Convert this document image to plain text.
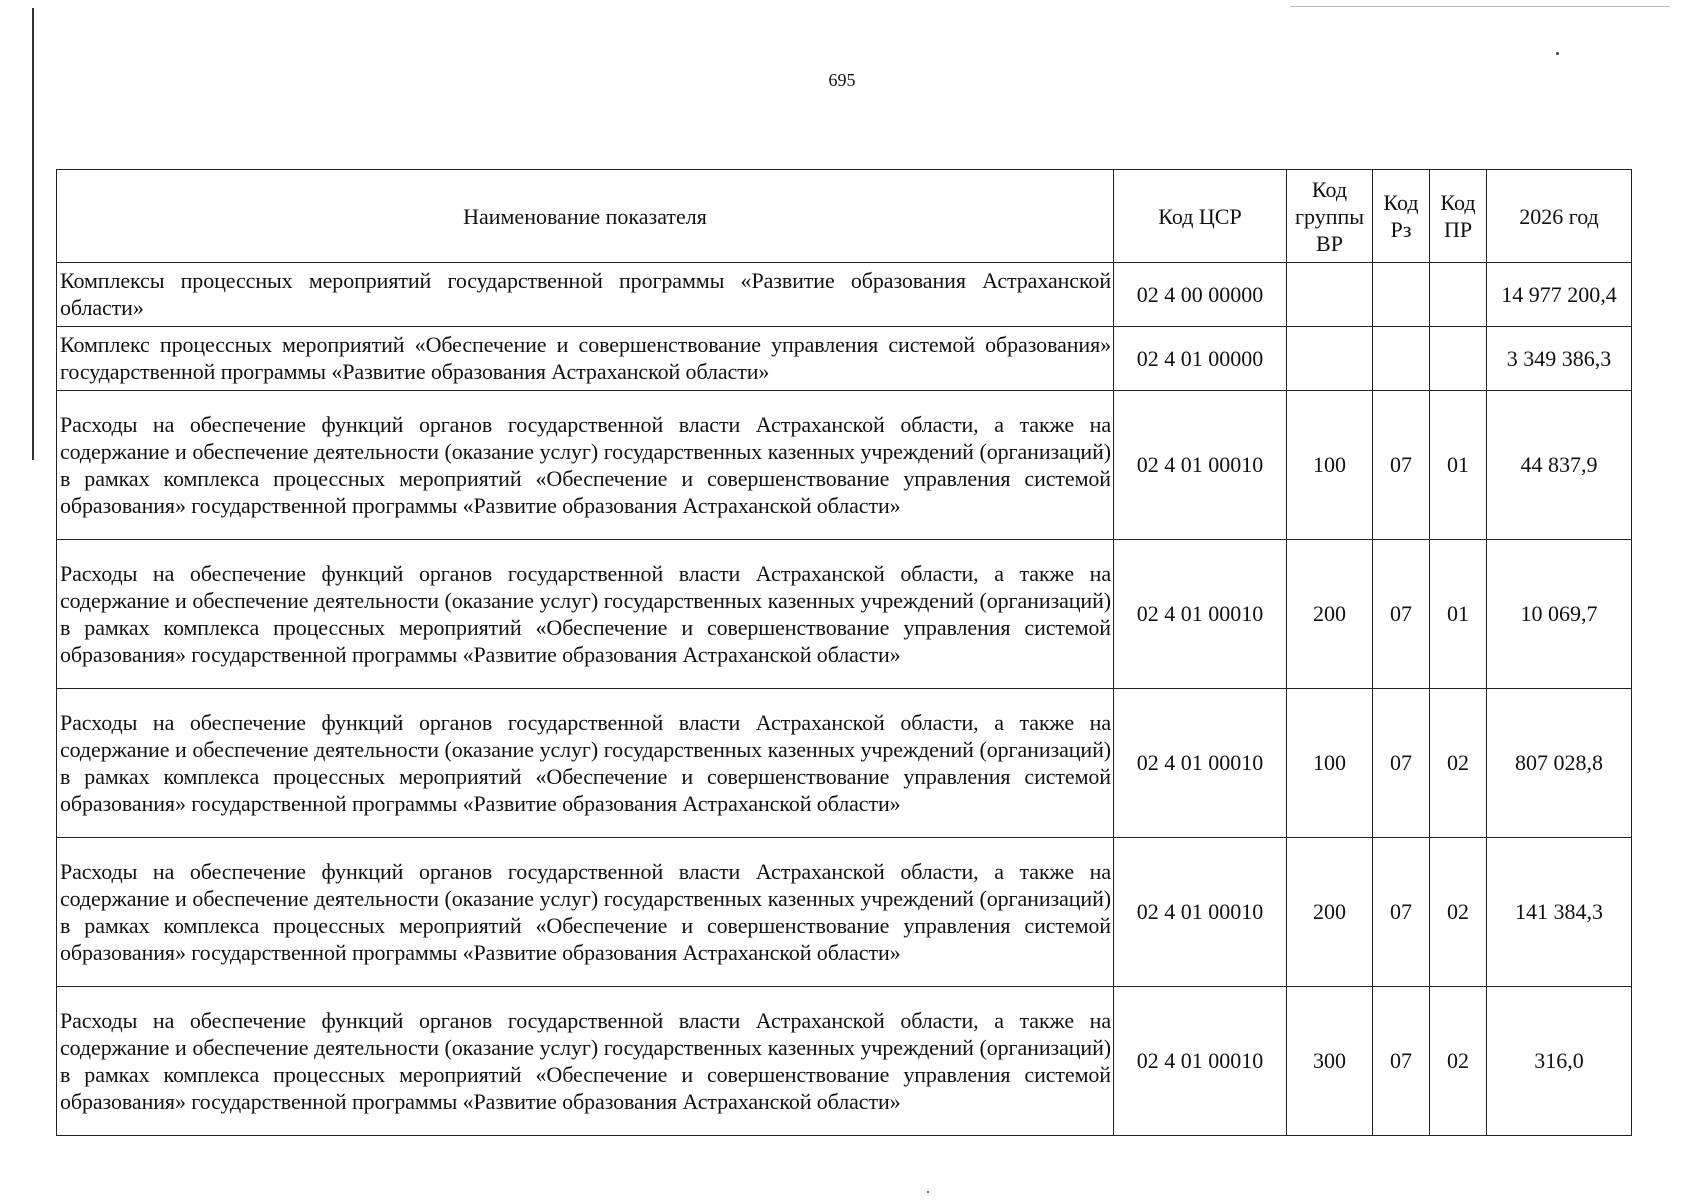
695
Наименование показателя	Код ЦСР	Код группы ВР	Код Рз	Код ПР	2026 год
Комплексы процессных мероприятий государственной программы «Развитие образования Астраханской области»	02 4 00 00000				14 977 200,4
Комплекс процессных мероприятий «Обеспечение и совершенствование управления системой образования» государственной программы «Развитие образования Астраханской области»	02 4 01 00000				3 349 386,3
Расходы на обеспечение функций органов государственной власти Астраханской области, а также на содержание и обеспечение деятельности (оказание услуг) государственных казенных учреждений (организаций) в рамках комплекса процессных мероприятий «Обеспечение и совершенствование управления системой образования» государственной программы «Развитие образования Астраханской области»	02 4 01 00010	100	07	01	44 837,9
Расходы на обеспечение функций органов государственной власти Астраханской области, а также на содержание и обеспечение деятельности (оказание услуг) государственных казенных учреждений (организаций) в рамках комплекса процессных мероприятий «Обеспечение и совершенствование управления системой образования» государственной программы «Развитие образования Астраханской области»	02 4 01 00010	200	07	01	10 069,7
Расходы на обеспечение функций органов государственной власти Астраханской области, а также на содержание и обеспечение деятельности (оказание услуг) государственных казенных учреждений (организаций) в рамках комплекса процессных мероприятий «Обеспечение и совершенствование управления системой образования» государственной программы «Развитие образования Астраханской области»	02 4 01 00010	100	07	02	807 028,8
Расходы на обеспечение функций органов государственной власти Астраханской области, а также на содержание и обеспечение деятельности (оказание услуг) государственных казенных учреждений (организаций) в рамках комплекса процессных мероприятий «Обеспечение и совершенствование управления системой образования» государственной программы «Развитие образования Астраханской области»	02 4 01 00010	200	07	02	141 384,3
Расходы на обеспечение функций органов государственной власти Астраханской области, а также на содержание и обеспечение деятельности (оказание услуг) государственных казенных учреждений (организаций) в рамках комплекса процессных мероприятий «Обеспечение и совершенствование управления системой образования» государственной программы «Развитие образования Астраханской области»	02 4 01 00010	300	07	02	316,0
